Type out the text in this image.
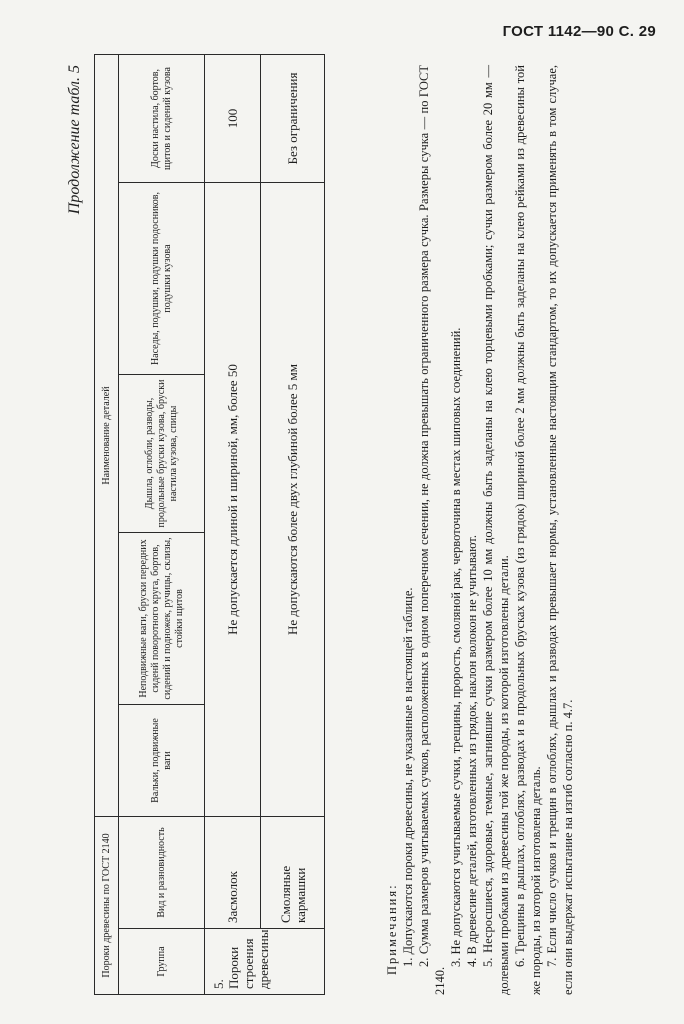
ГОСТ 1142—90 С. 29
Продолжение табл. 5
Пороки древесины по ГОСТ 2140		Наименование деталей				
Группа	Вид и разновидность	Вальки, подвижные ваги	Неподвижные ваги, бруски передних сиденй поворотного круга, бортов, сидений и подножек, ручицы, склизы, стойки щитов	Дышла, оглобли, разводы, продольные бруски кузова, бруски настила кузова, спицы	Наседы, подушки, подушки подосников, подушки кузова	Доски настила, бортов, щитов и сидений кузова
5. Пороки строения древесины	Засмолок	Не допускается длиной и шириной, мм, более 50				100
	Смоляные кармашки	Не допускаются более двух глубиной более 5 мм				Без ограничения

Примечания: 1. Допускаются пороки древесины, не указанные в настоящей таблице. 2. Сумма размеров учитываемых сучков, расположенных в одном поперечном сечении, не должна превышать ограниченного размера сучка. Размеры сучка — по ГОСТ 2140.

3. Не допускаются учитываемые сучки, трещины, прорость, смоляной рак, червоточина в местах шиповых соединений. 4. В древесине деталей, изготовленных из грядок, наклон волокон не учитывают. 5. Несросшиеся, здоровые, темные, загнившие сучки размером более 10 мм должны быть заделаны на клею торцевыми пробками; сучки размером более 20 мм — долевыми пробками из древесины той же породы, из которой изготовлены детали. 6. Трещины в дышлах, оглоблях, разводах и в продольных брусках кузова (из грядок) шириной более 2 мм должны быть заделаны на клею рейками из древесины той же породы, из которой изготовлена деталь. 7. Если число сучков и трещин в оглоблях, дышлах и разводах превышает нормы, установленные настоящим стандартом, то их допускается применять в том случае, если они выдержат испытание на изгиб согласно п. 4.7.
